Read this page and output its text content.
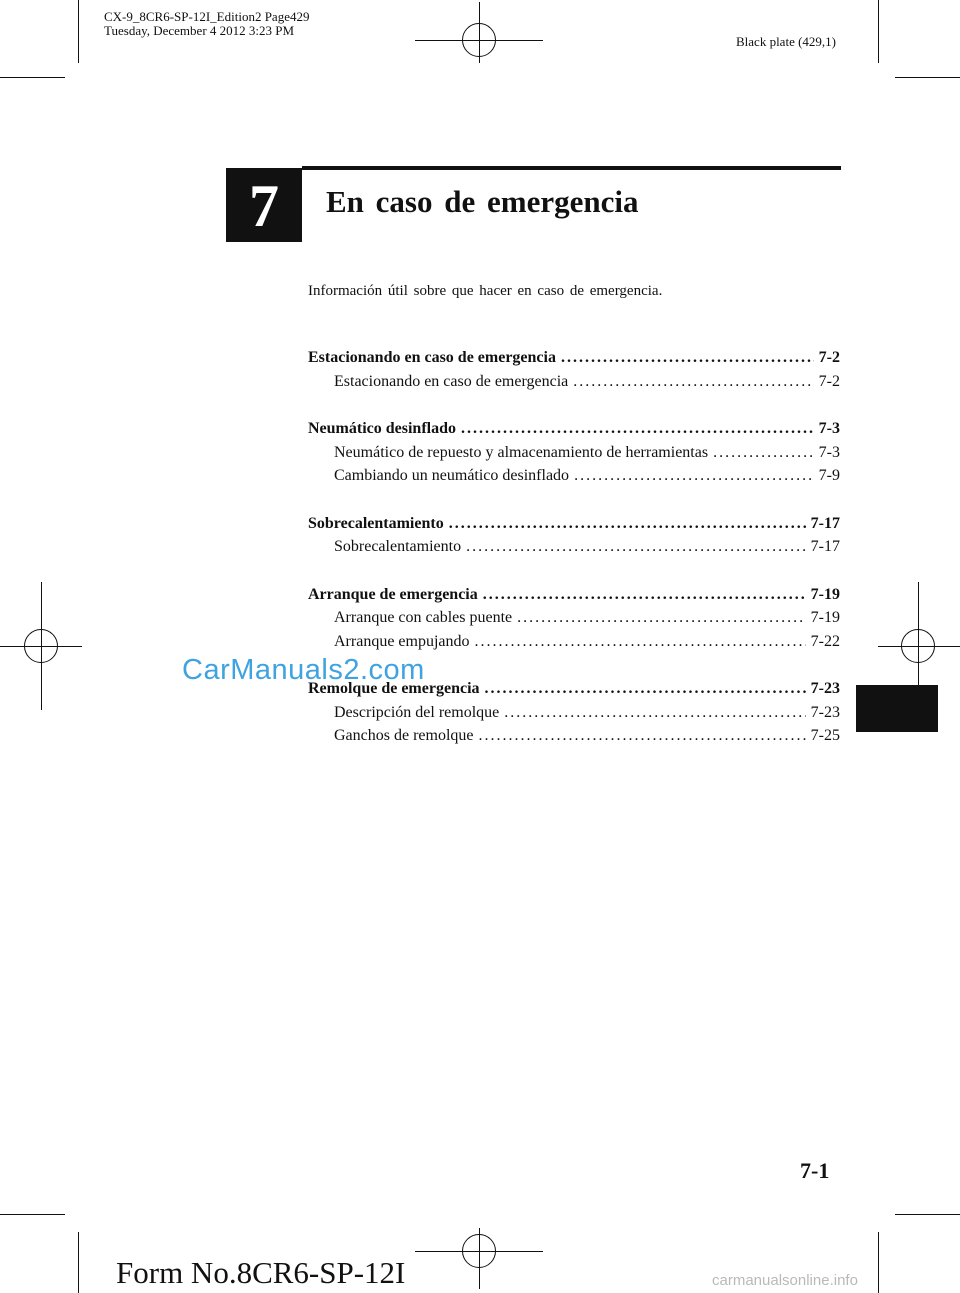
CX-9_8CR6-SP-12I_Edition2 Page429
Tuesday, December 4 2012 3:23 PM
Black plate (429,1)
7	En caso de emergencia
Información útil sobre que hacer en caso de emergencia.
Estacionando en caso de emergencia .....	7-2
Estacionando en caso de emergencia .....	7-2
Neumático desinflado .....	7-3
Neumático de repuesto y almacenamiento de herramientas .....	7-3
Cambiando un neumático desinflado .....	7-9
Sobrecalentamiento .....	7-17
Sobrecalentamiento .....	7-17
Arranque de emergencia .....	7-19
Arranque con cables puente .....	7-19
Arranque empujando .....	7-22
Remolque de emergencia .....	7-23
Descripción del remolque .....	7-23
Ganchos de remolque .....	7-25
CarManuals2.com
7-1
Form No.8CR6-SP-12I	carmanualsonline.info
